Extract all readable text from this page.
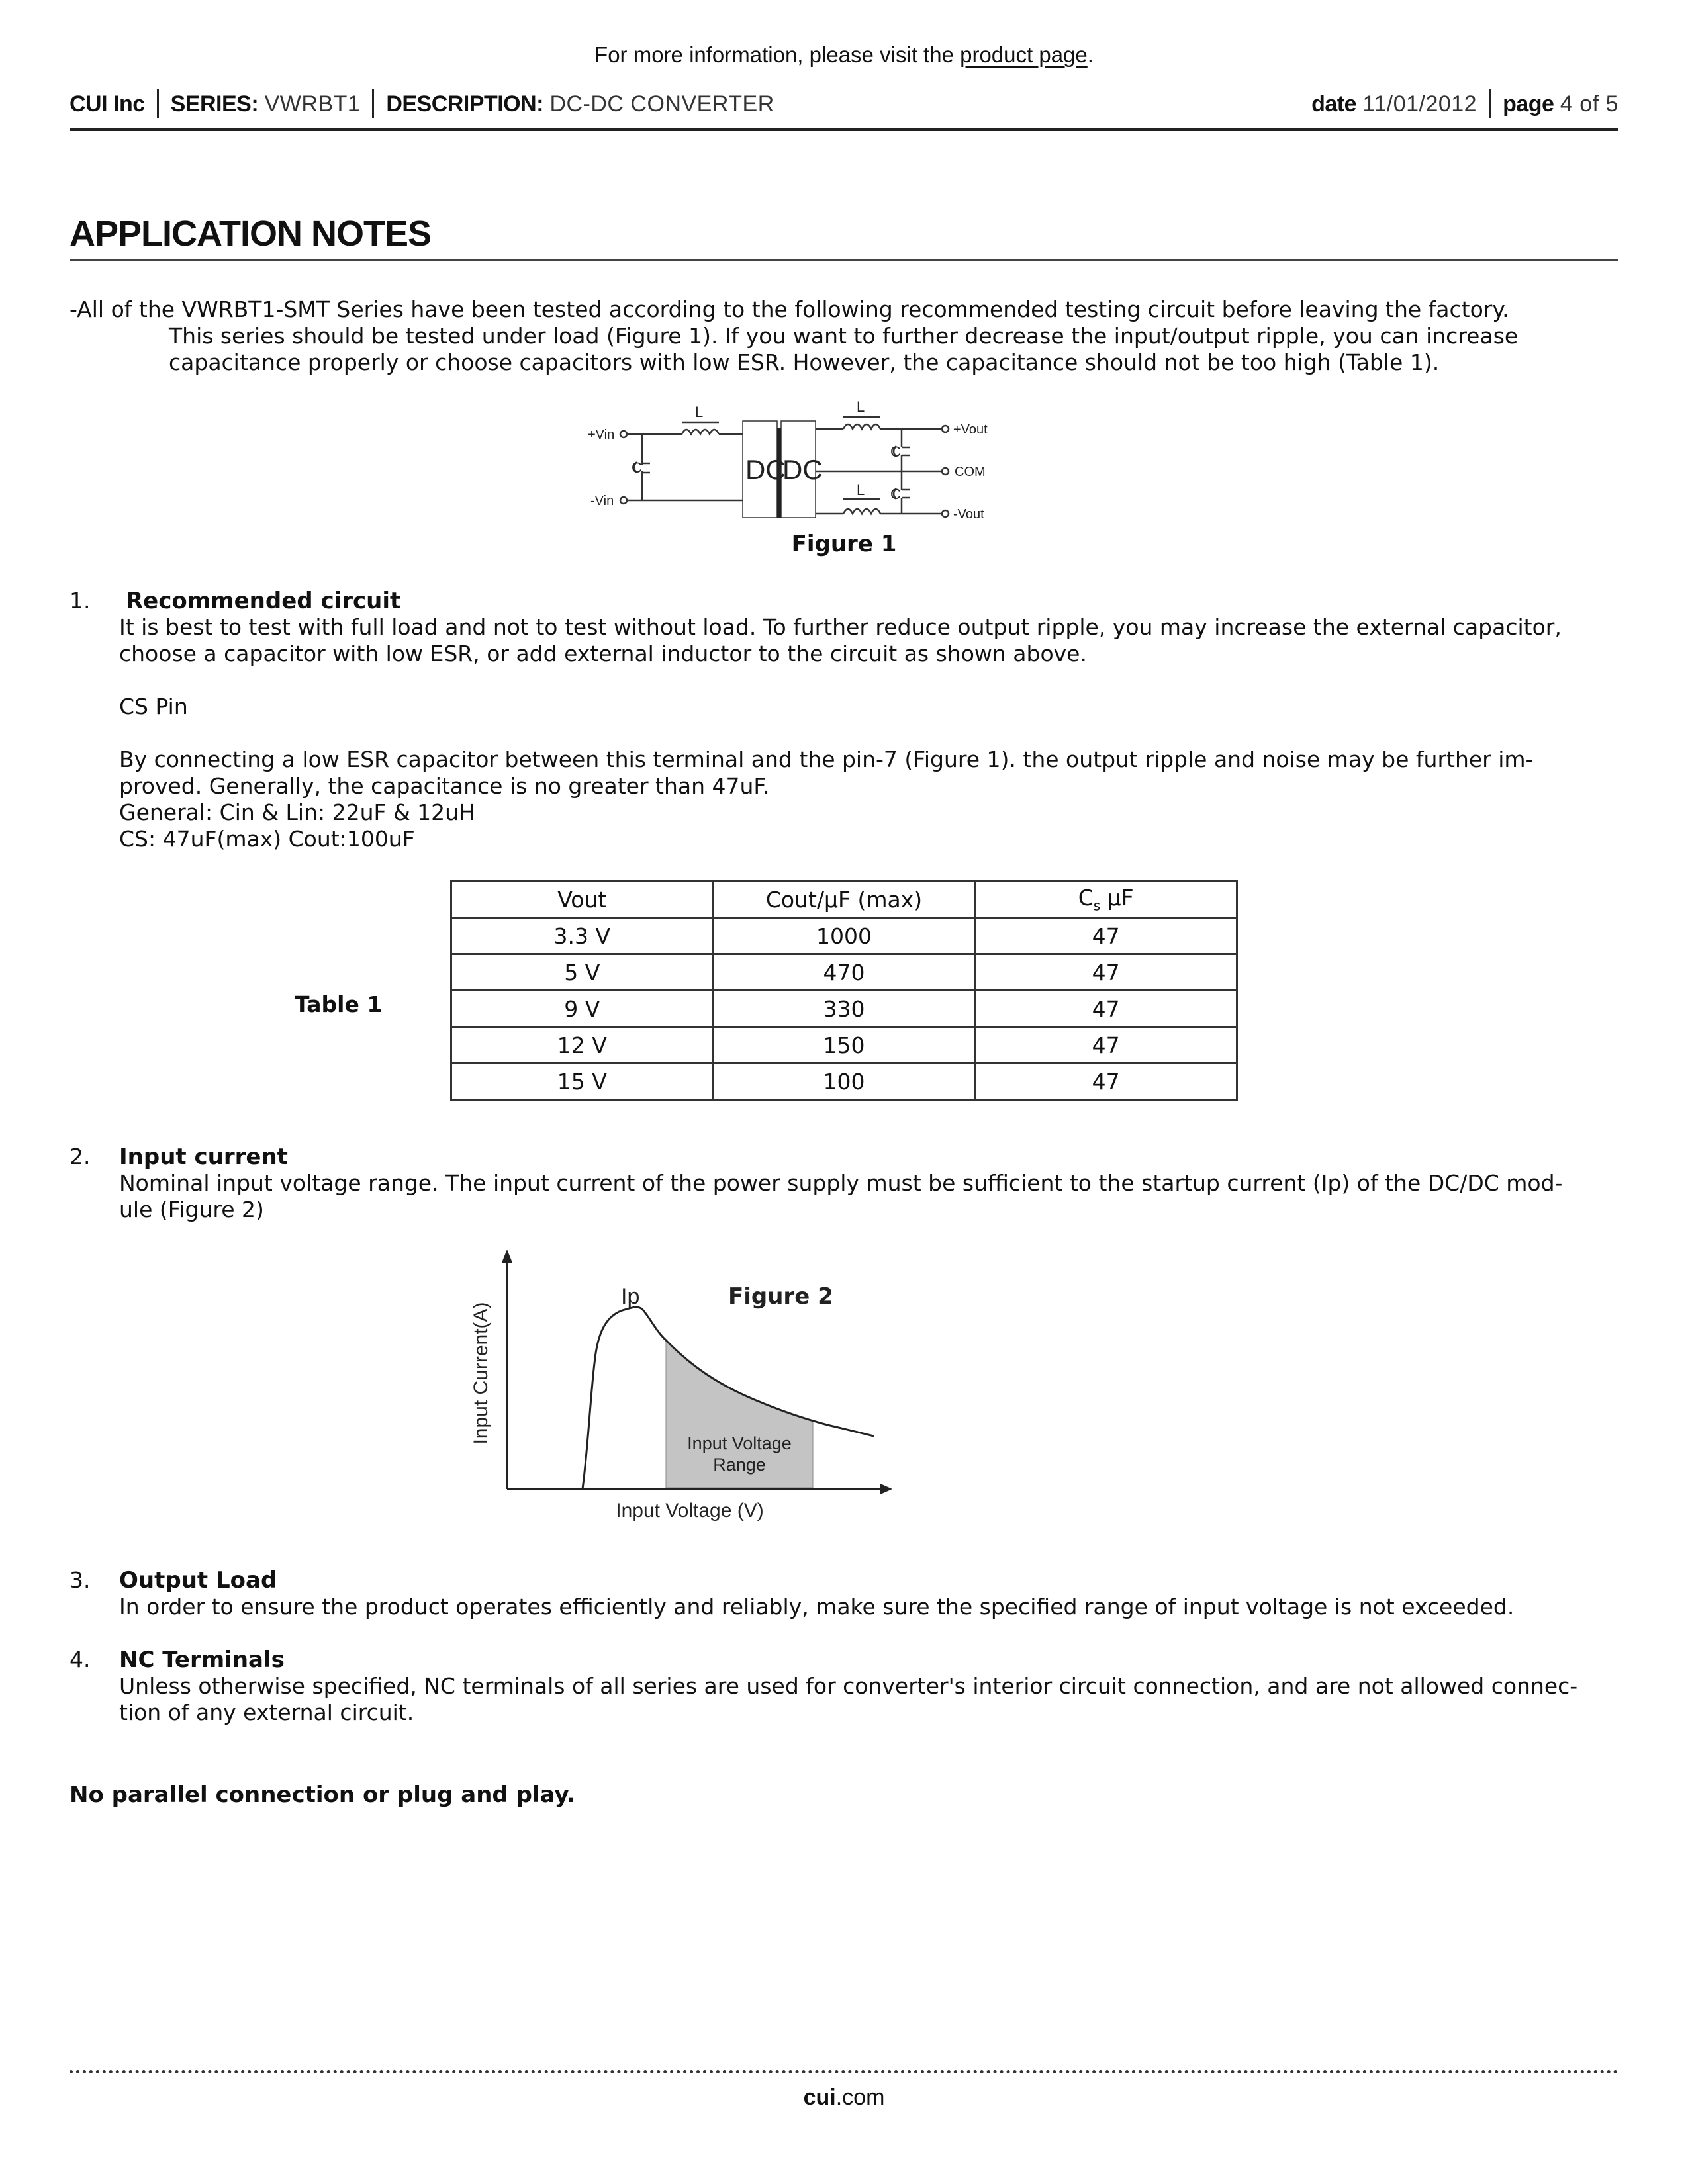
For more information, please visit the product page.
CUI Inc SERIES:
VWRBT1 DESCRIPTION:
DC-DC CONVERTER	date
11/01/2012 page
4 of 5
APPLICATION NOTES
-All of the VWRBT1-SMT Series have been tested according to the following recommended testing circuit before leaving the factory.
This series should be tested under load (Figure 1). If you want to further decrease the input/output ripple, you can increase
capacitance properly or choose capacitors with low ESR. However, the capacitance should not be too high (Table 1).
+Vin
-Vin
L
C	DC
DC
L
L
C
C
+Vout
COM
-Vout
Figure 1
1. Recommended circuit
It is best to test with full load and not to test without load. To further reduce output ripple, you may increase the external capacitor,
choose a capacitor with low ESR, or add external inductor to the circuit as shown above.
CS Pin
By connecting a low ESR capacitor between this terminal and the pin-7 (Figure 1). the output ripple and noise may be further im-
proved. Generally, the capacitance is no greater than 47uF.
General: Cin & Lin: 22uF & 12uH
CS: 47uF(max) Cout:100uF
Table 1
Vout	Cout/µF (max)	$C_s$ µF
3.3 V	1000	47
5 V	470	47
9 V	330	47
12 V	150	47
15 V	100	47
2. Input current
Nominal input voltage range. The input current of the power supply must be sufficient to the startup current (Ip) of the DC/DC mod-
ule (Figure 2)
Ip	Figure 2
Input Voltage
Range
Input Voltage (V)
Input Current(A)
3. Output Load
In order to ensure the product operates efficiently and reliably, make sure the specified range of input voltage is not exceeded.
4. NC Terminals
Unless otherwise specified, NC terminals of all series are used for converter's interior circuit connection, and are not allowed connec-
tion of any external circuit.
No parallel connection or plug and play.
cui.com
